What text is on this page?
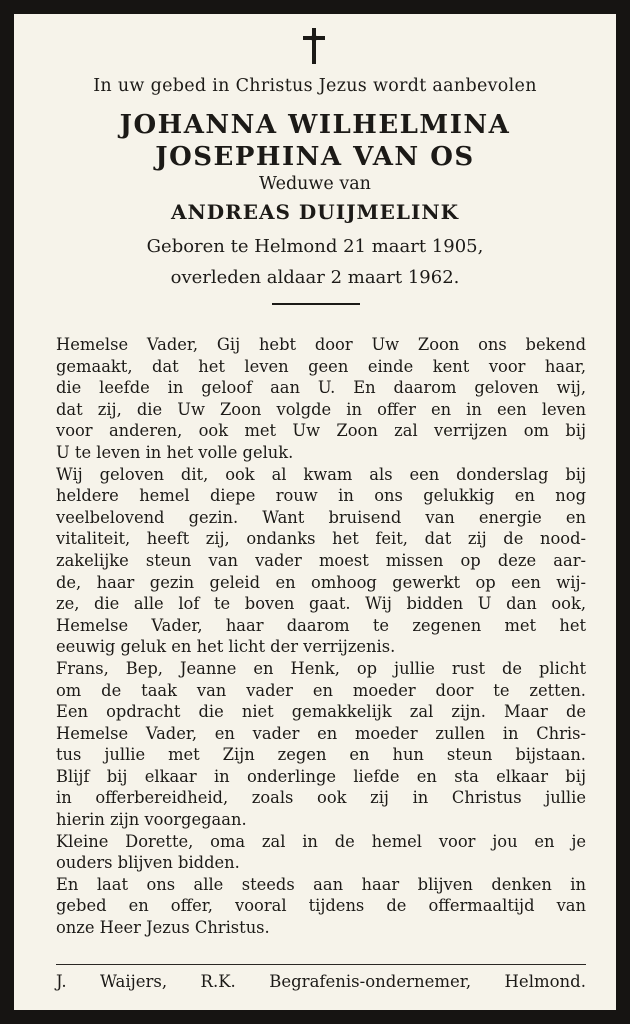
In uw gebed in Christus Jezus wordt aanbevolen
JOHANNA WILHELMINA
JOSEPHINA VAN OS
Weduwe van
ANDREAS DUIJMELINK
Geboren te Helmond 21 maart 1905,
overleden aldaar 2 maart 1962.
Hemelse Vader, Gij hebt door Uw Zoon ons bekend
gemaakt, dat het leven geen einde kent voor haar,
die leefde in geloof aan U. En daarom geloven wij,
dat zij, die Uw Zoon volgde in offer en in een leven
voor anderen, ook met Uw Zoon zal verrijzen om bij
U te leven in het volle geluk.
Wij geloven dit, ook al kwam als een donderslag bij
heldere hemel diepe rouw in ons gelukkig en nog
veelbelovend gezin. Want bruisend van energie en
vitaliteit, heeft zij, ondanks het feit, dat zij de nood-
zakelijke steun van vader moest missen op deze aar-
de, haar gezin geleid en omhoog gewerkt op een wij-
ze, die alle lof te boven gaat. Wij bidden U dan ook,
Hemelse Vader, haar daarom te zegenen met het
eeuwig geluk en het licht der verrijzenis.
Frans, Bep, Jeanne en Henk, op jullie rust de plicht
om de taak van vader en moeder door te zetten.
Een opdracht die niet gemakkelijk zal zijn. Maar de
Hemelse Vader, en vader en moeder zullen in Chris-
tus jullie met Zijn zegen en hun steun bijstaan.
Blijf bij elkaar in onderlinge liefde en sta elkaar bij
in offerbereidheid, zoals ook zij in Christus jullie
hierin zijn voorgegaan.
Kleine Dorette, oma zal in de hemel voor jou en je
ouders blijven bidden.
En laat ons alle steeds aan haar blijven denken in
gebed en offer, vooral tijdens de offermaaltijd van
onze Heer Jezus Christus.
J. Waijers, R.K. Begrafenis-ondernemer, Helmond.
